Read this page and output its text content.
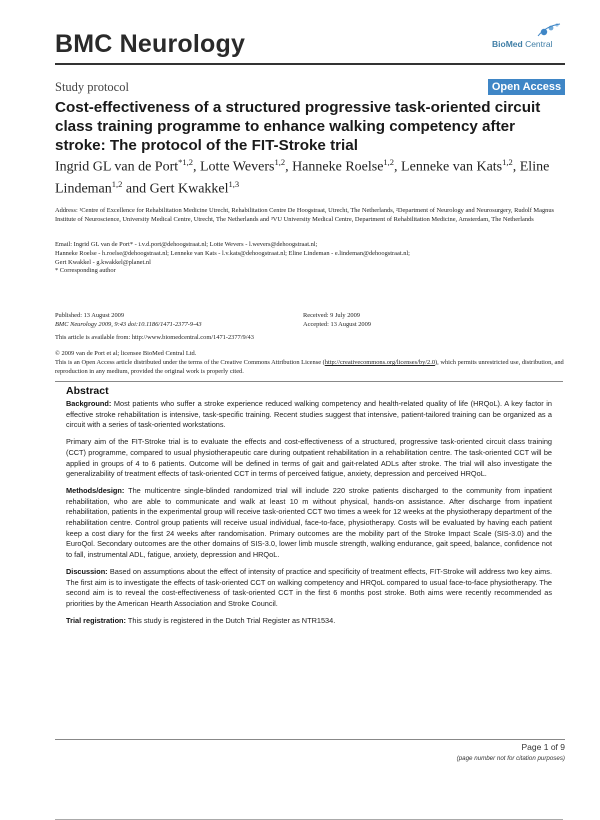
BMC Neurology	BioMed Central
Study protocol	Open Access
Cost-effectiveness of a structured progressive task-oriented circuit class training programme to enhance walking competency after stroke: The protocol of the FIT-Stroke trial
Ingrid GL van de Port$^{*1,2}$, Lotte Wevers$^{1,2}$, Hanneke Roelse$^{1,2}$, Lenneke van Kats$^{1,2}$, Eline Lindeman$^{1,2}$ and Gert Kwakkel$^{1,3}$
Address: ¹Centre of Excellence for Rehabilitation Medicine Utrecht, Rehabilitation Centre De Hoogstraat, Utrecht, The Netherlands, ²Department of Neurology and Neurosurgery, Rudolf Magnus Institute of Neuroscience, University Medical Centre, Utrecht, The Netherlands and ³VU University Medical Centre, Department of Rehabilitation Medicine, Amsterdam, The Netherlands
Email: Ingrid GL van de Port* - i.v.d.port@dehoogstraat.nl; Lotte Wevers - l.wevers@dehoogstraat.nl;
Hanneke Roelse - h.roelse@dehoogstraat.nl; Lenneke van Kats - l.v.kats@dehoogstraat.nl; Eline Lindeman - e.lindeman@dehoogstraat.nl;
Gert Kwakkel - g.kwakkel@planet.nl
* Corresponding author
Published: 13 August 2009
BMC Neurology 2009, 9:43 doi:10.1186/1471-2377-9-43
Received: 9 July 2009
Accepted: 13 August 2009
This article is available from: http://www.biomedcentral.com/1471-2377/9/43
© 2009 van de Port et al; licensee BioMed Central Ltd.
This is an Open Access article distributed under the terms of the Creative Commons Attribution License (http://creativecommons.org/licenses/by/2.0), which permits unrestricted use, distribution, and reproduction in any medium, provided the original work is properly cited.
Abstract

Background: Most patients who suffer a stroke experience reduced walking competency and health-related quality of life (HRQoL). A key factor in effective stroke rehabilitation is intensive, task-specific training. Recent studies suggest that intensive, patient-tailored training can be organized as a circuit with a series of task-oriented workstations.

Primary aim of the FIT-Stroke trial is to evaluate the effects and cost-effectiveness of a structured, progressive task-oriented circuit class training (CCT) programme, compared to usual physiotherapeutic care during outpatient rehabilitation in a rehabilitation centre. The task-oriented CCT will be applied in groups of 4 to 6 patients. Outcome will be defined in terms of gait and gait-related ADLs after stroke. The trial will also investigate the generalizability of treatment effects of task-oriented CCT in terms of perceived fatigue, anxiety, depression and perceived HRQoL.

Methods/design: The multicentre single-blinded randomized trial will include 220 stroke patients discharged to the community from inpatient rehabilitation, who are able to communicate and walk at least 10 m without physical, hands-on assistance. After discharge from inpatient rehabilitation, patients in the experimental group will receive task-oriented CCT two times a week for 12 weeks at the physiotherapy department of the rehabilitation centre. Control group patients will receive usual individual, face-to-face, physiotherapy. Costs will be evaluated by having each patient keep a cost diary for the first 24 weeks after randomisation. Primary outcomes are the mobility part of the Stroke Impact Scale (SIS-3.0) and the EuroQol. Secondary outcomes are the other domains of SIS-3.0, lower limb muscle strength, walking endurance, gait speed, balance, confidence not to fall, instrumental ADL, fatigue, anxiety, depression and HRQoL.

Discussion: Based on assumptions about the effect of intensity of practice and specificity of treatment effects, FIT-Stroke will address two key aims. The first aim is to investigate the effects of task-oriented CCT on walking competency and HRQoL compared to usual face-to-face physiotherapy. The second aim is to reveal the cost-effectiveness of task-oriented CCT in the first 6 months post stroke. Both aims were recently recommended as priorities by the American Hearth Association and Stroke Council.

Trial registration: This study is registered in the Dutch Trial Register as NTR1534.

Page 1 of 9
(page number not for citation purposes)
